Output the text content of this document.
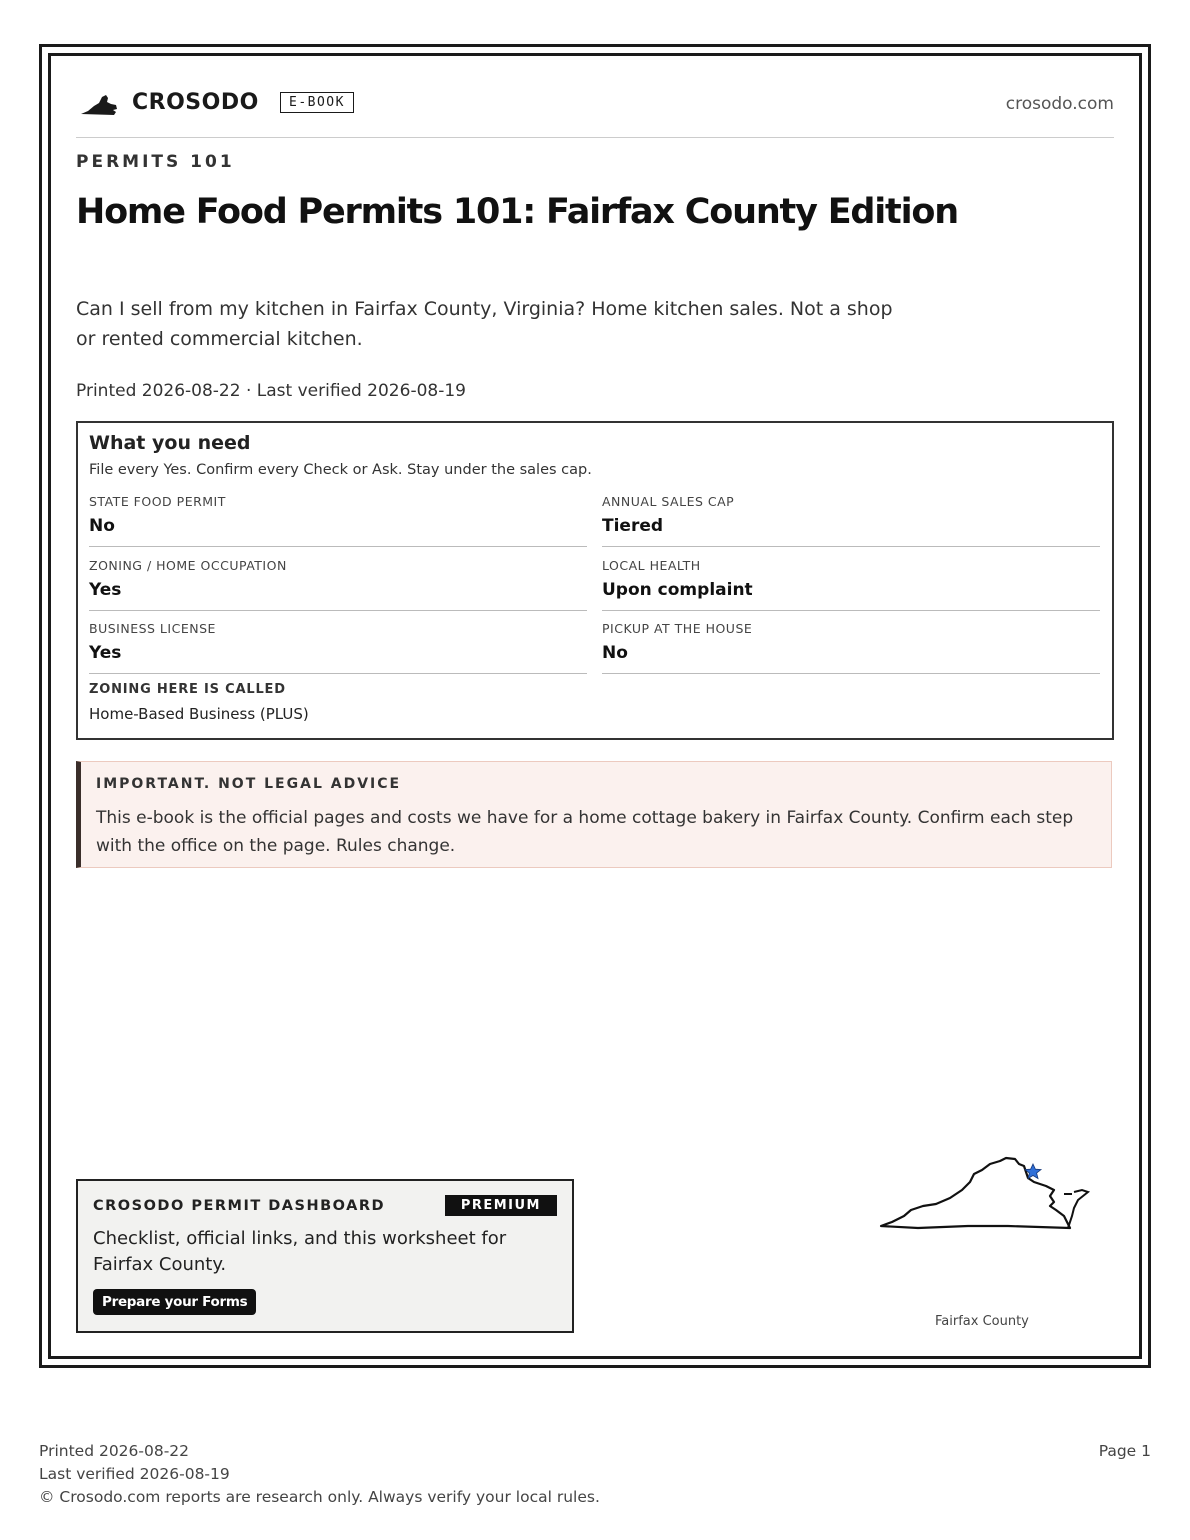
CROSODO	E-BOOK	crosodo.com
PERMITS 101
Home Food Permits 101: Fairfax County Edition
Can I sell from my kitchen in Fairfax County, Virginia? Home kitchen sales. Not a shop or rented commercial kitchen.
Printed 2026-08-22 · Last verified 2026-08-19
What you need
File every Yes. Confirm every Check or Ask. Stay under the sales cap.
STATE FOOD PERMIT
No
ANNUAL SALES CAP
Tiered
ZONING / HOME OCCUPATION
Yes
LOCAL HEALTH
Upon complaint
BUSINESS LICENSE
Yes
PICKUP AT THE HOUSE
No
ZONING HERE IS CALLED
Home-Based Business (PLUS)
IMPORTANT. NOT LEGAL ADVICE
This e-book is the official pages and costs we have for a home cottage bakery in Fairfax County. Confirm each step with the office on the page. Rules change.
CROSODO PERMIT DASHBOARD	PREMIUM
Checklist, official links, and this worksheet for Fairfax County.
Prepare your Forms
Fairfax County
Printed 2026-08-22
Last verified 2026-08-19
© Crosodo.com reports are research only. Always verify your local rules.
Page 1
